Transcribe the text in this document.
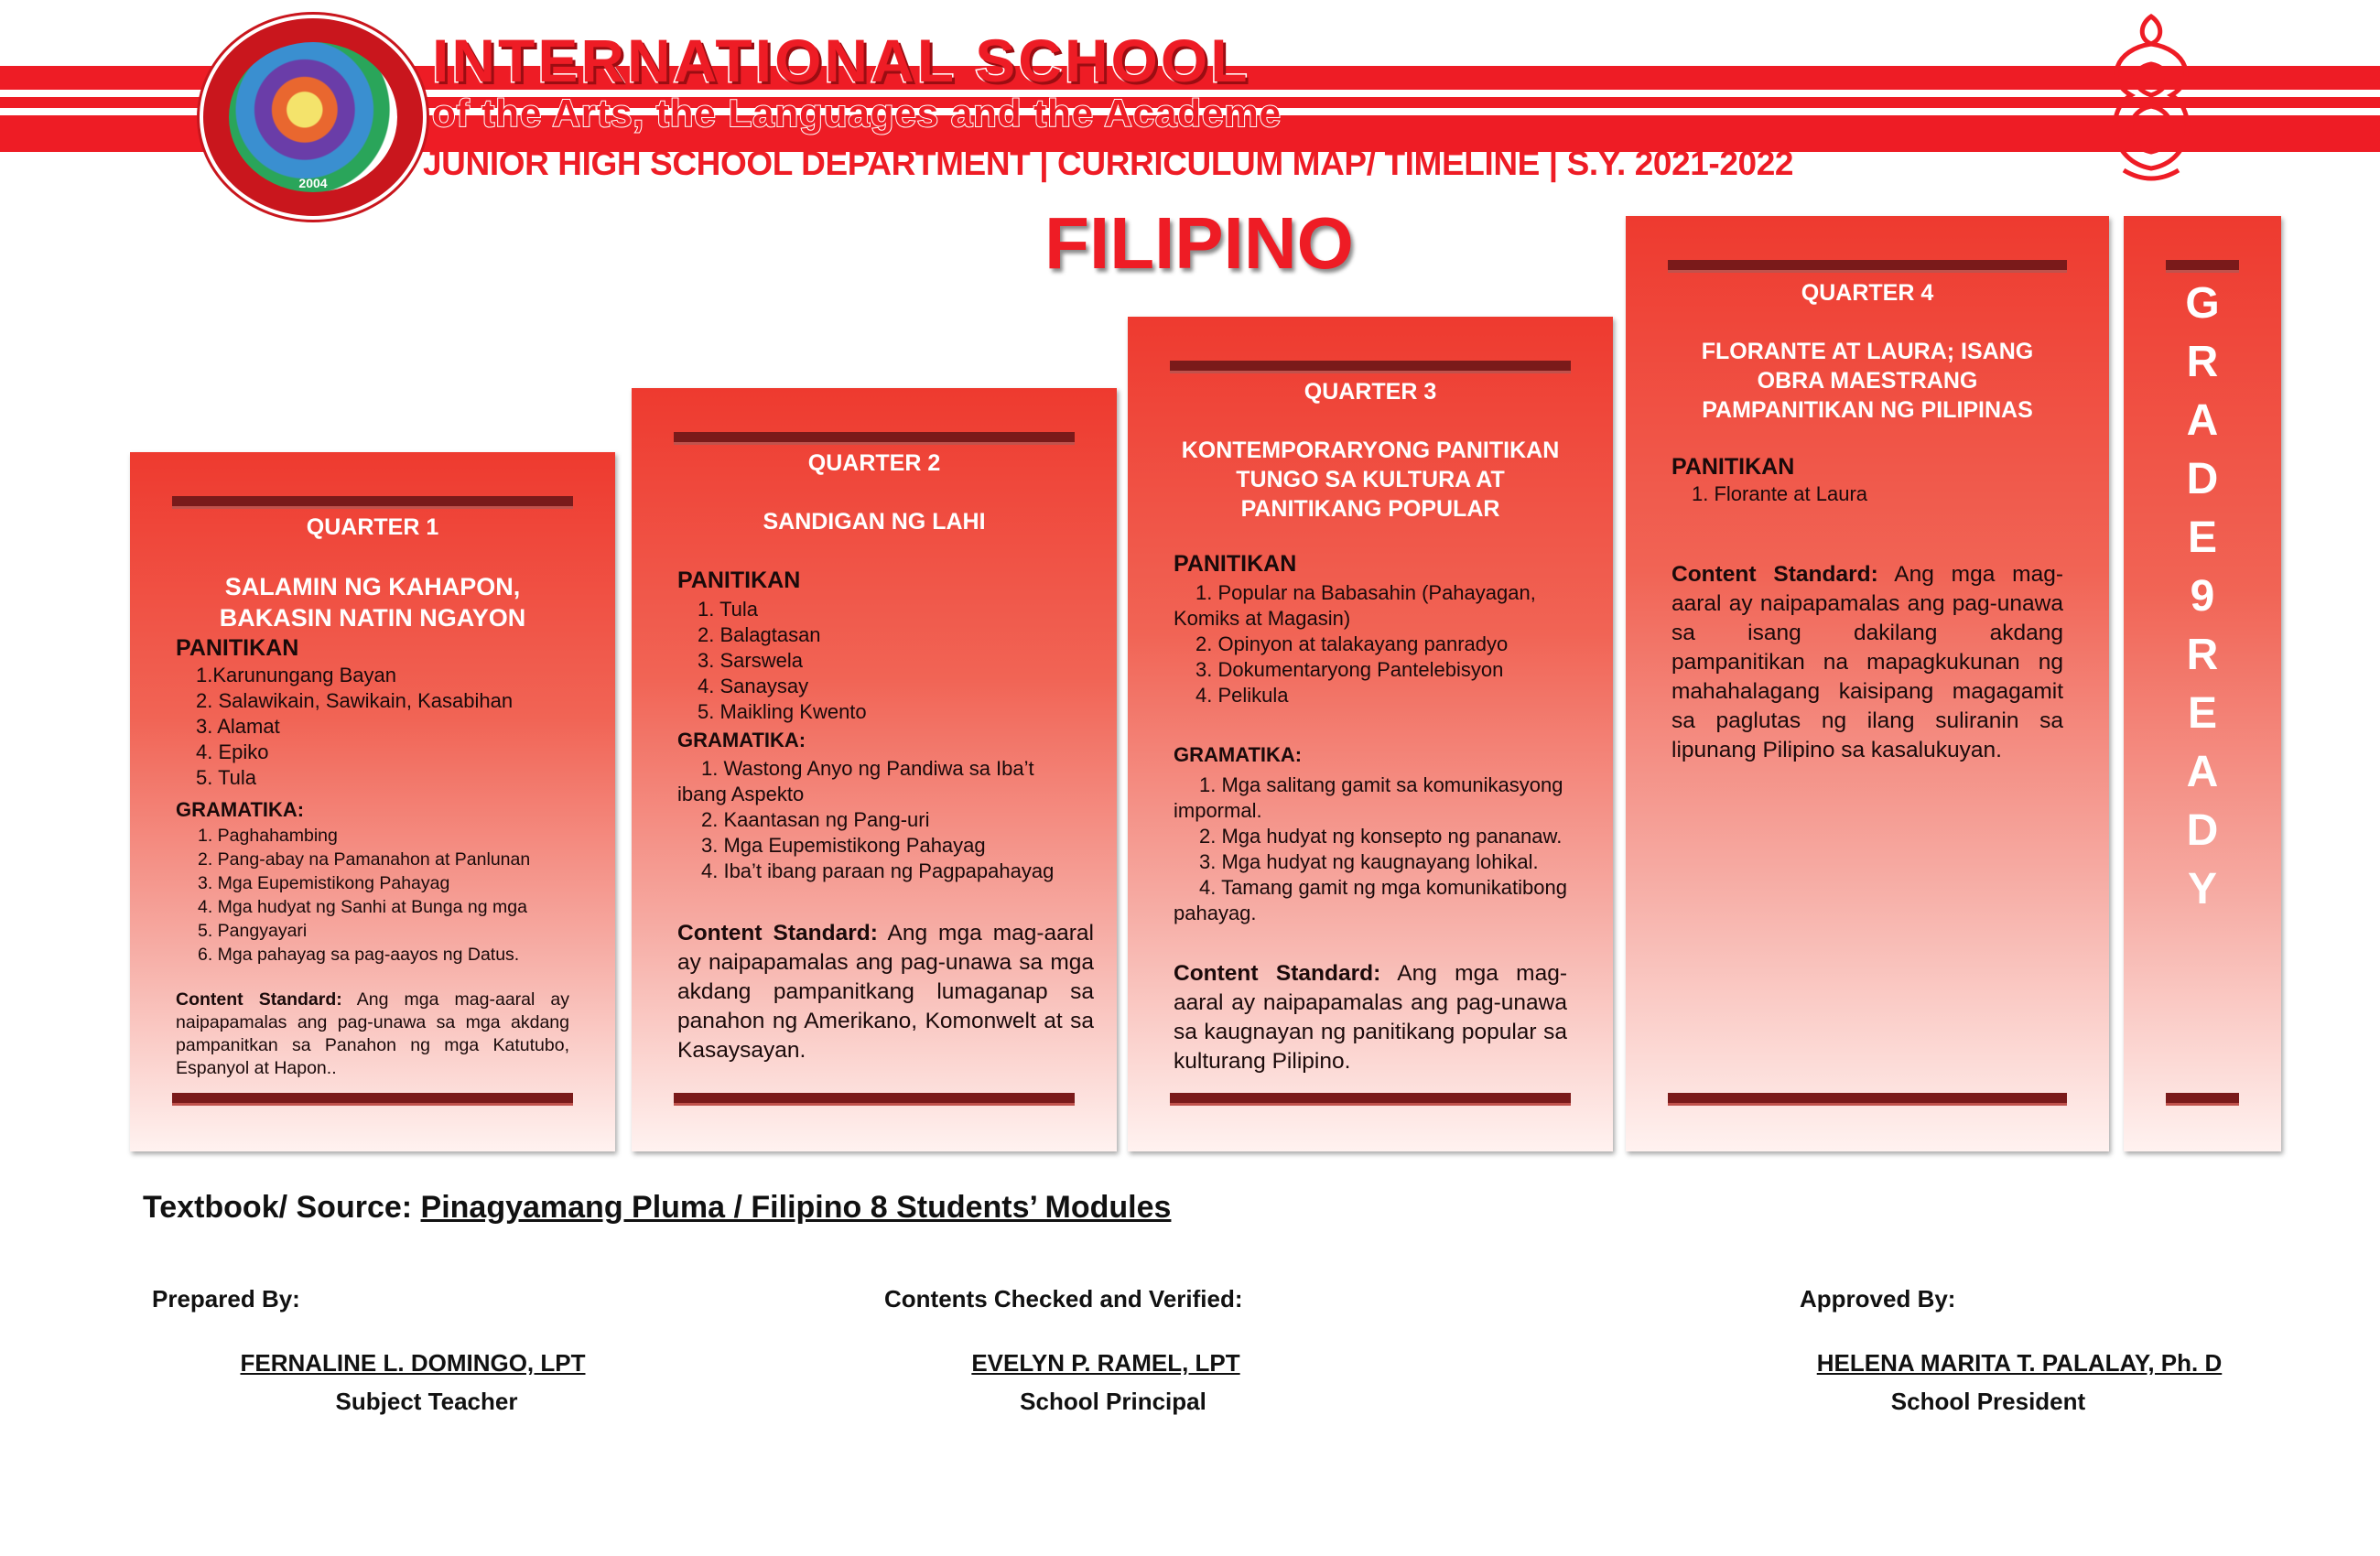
2004
INTERNATIONAL SCHOOL
of the Arts, the Languages and the Academe
JUNIOR HIGH SCHOOL DEPARTMENT | CURRICULUM MAP/ TIMELINE | S.Y. 2021-2022
FILIPINO
QUARTER 1
SALAMIN NG KAHAPON, BAKASIN NATIN NGAYON
PANITIKAN
1.Karunungang Bayan
2. Salawikain, Sawikain, Kasabihan
3. Alamat
4. Epiko
5. Tula
GRAMATIKA:
1. Paghahambing
2. Pang-abay na Pamanahon at Panlunan
3. Mga Eupemistikong Pahayag
4. Mga hudyat ng Sanhi at Bunga ng mga
5. Pangyayari
6. Mga pahayag sa pag-aayos ng Datus.
Content Standard: Ang mga mag-aaral ay naipapamalas ang pag-unawa sa mga akdang pampanitkan sa Panahon ng mga Katutubo, Espanyol at Hapon..
QUARTER 2
SANDIGAN NG LAHI
PANITIKAN
1. Tula
2. Balagtasan
3. Sarswela
4. Sanaysay
5. Maikling Kwento
GRAMATIKA:
1. Wastong Anyo ng Pandiwa sa Iba’t ibang Aspekto
2. Kaantasan ng Pang-uri
3. Mga Eupemistikong Pahayag
4. Iba’t ibang paraan ng Pagpapahayag
Content Standard: Ang mga mag-aaral ay naipapamalas ang pag-unawa sa mga akdang pampanitkang lumaganap sa panahon ng Amerikano, Komonwelt at sa Kasaysayan.
QUARTER 3
KONTEMPORARYONG PANITIKAN TUNGO SA KULTURA AT PANITIKANG POPULAR
PANITIKAN
1. Popular na Babasahin (Pahayagan, Komiks at Magasin)
2. Opinyon at talakayang panradyo
3. Dokumentaryong Pantelebisyon
4. Pelikula
GRAMATIKA:
1. Mga salitang gamit sa komunikasyong impormal.
2. Mga hudyat ng konsepto ng pananaw.
3. Mga hudyat ng kaugnayang lohikal.
4. Tamang gamit ng mga komunikatibong pahayag.
Content Standard: Ang mga mag-aaral ay naipapamalas ang pag-unawa sa kaugnayan ng panitikang popular sa kulturang Pilipino.
QUARTER 4
FLORANTE AT LAURA; ISANG OBRA MAESTRANG PAMPANITIKAN NG PILIPINAS
PANITIKAN
1. Florante at Laura
Content Standard: Ang mga mag-aaral ay naipapamalas ang pag-unawa sa isang dakilang akdang pampanitikan na mapagkukunan ng mahahalagang kaisipang magagamit sa paglutas ng ilang suliranin sa lipunang Pilipino sa kasalukuyan.
G
R
A
D
E
9
R
E
A
D
Y
Textbook/ Source: Pinagyamang Pluma / Filipino 8 Students’ Modules
Prepared By:
FERNALINE L. DOMINGO, LPT
Subject Teacher
Contents Checked and Verified:
EVELYN P. RAMEL, LPT
School Principal
Approved By:
HELENA MARITA T. PALALAY, Ph. D
School President
